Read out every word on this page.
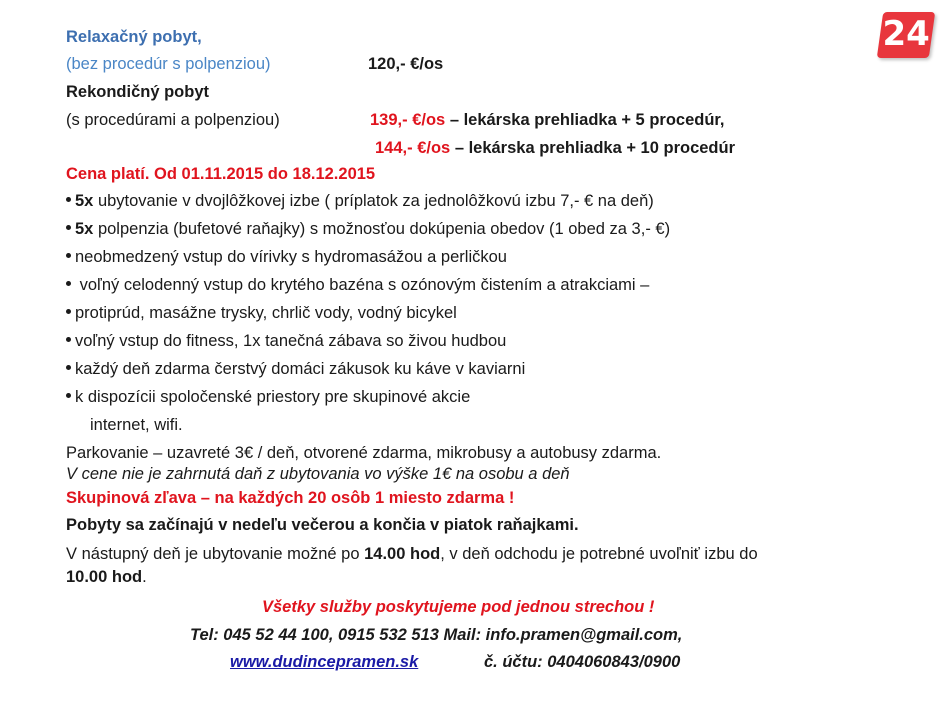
24
Relaxačný pobyt,
(bez procedúr s polpenziou)	120,- €/os
Rekondičný pobyt
(s procedúrami a polpenziou)	139,- €/os – lekárska prehliadka + 5 procedúr,
144,- €/os – lekárska prehliadka + 10 procedúr
Cena platí. Od 01.11.2015 do 18.12.2015
5x ubytovanie v dvojlôžkovej izbe ( príplatok za jednolôžkovú izbu 7,- € na deň)
5x polpenzia (bufetové raňajky) s možnosťou dokúpenia obedov (1 obed za 3,- €)
neobmedzený vstup do vírivky s hydromasážou a perličkou
voľný celodenný vstup do krytého bazéna s ozónovým čistením a atrakciami –
protiprúd, masážne trysky, chrlič vody, vodný bicykel
voľný vstup do fitness, 1x tanečná zábava so živou hudbou
každý deň zdarma čerstvý domáci zákusok ku káve v kaviarni
k dispozícii spoločenské priestory pre skupinové akcie
internet, wifi.
Parkovanie – uzavreté 3€ / deň, otvorené zdarma, mikrobusy a autobusy zdarma.
V cene nie je zahrnutá daň z ubytovania vo výške 1€ na osobu a deň
Skupinová zľava – na každých 20 osôb 1 miesto zdarma !
Pobyty sa začínajú v nedeľu večerou a končia v piatok raňajkami.
V nástupný deň je ubytovanie možné po 14.00 hod, v deň odchodu je potrebné uvoľniť izbu do
10.00 hod.
Všetky služby poskytujeme pod jednou strechou !
Tel: 045 52 44 100, 0915 532 513 Mail: info.pramen@gmail.com,
www.dudincepramen.sk	č. účtu: 0404060843/0900
